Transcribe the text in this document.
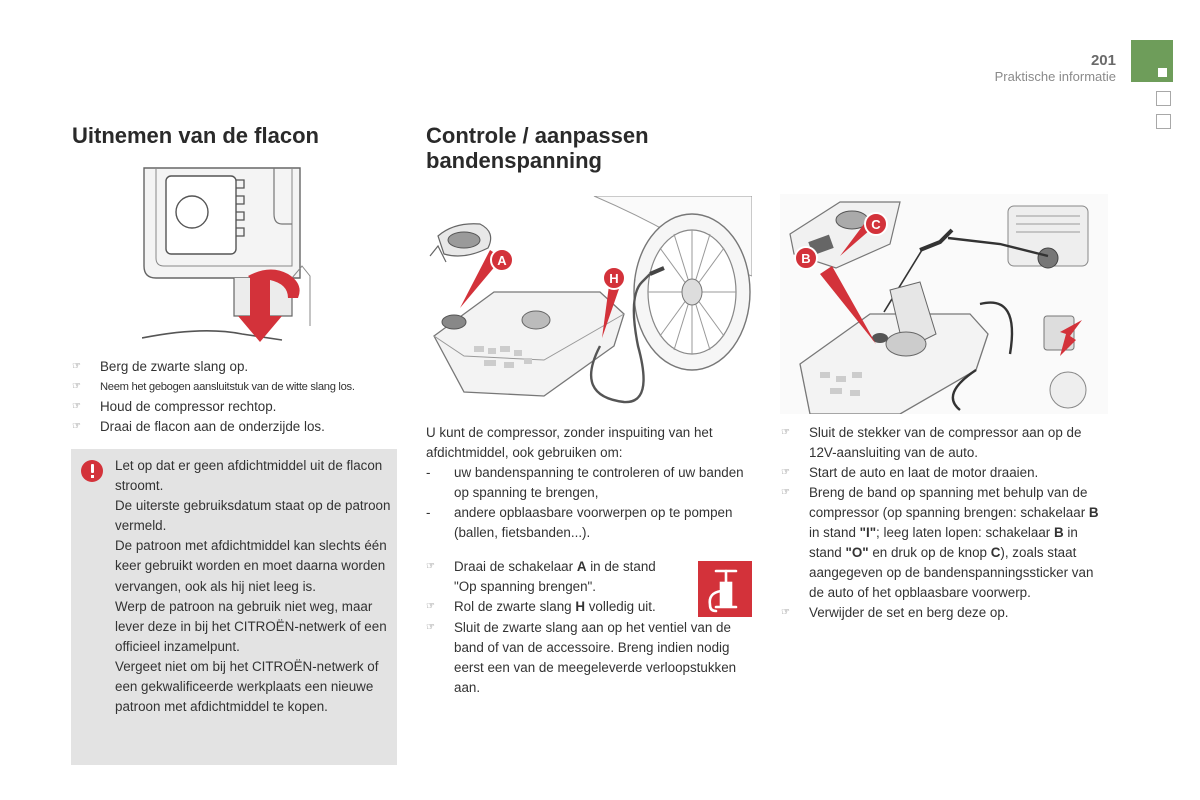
201
Praktische informatie
Uitnemen van de flacon
☞ Berg de zwarte slang op.
☞ Neem het gebogen aansluitstuk van de witte slang los.
☞ Houd de compressor rechtop.
☞ Draai de flacon aan de onderzijde los.

Let op dat er geen afdichtmiddel uit de flacon stroomt.

De uiterste gebruiksdatum staat op de patroon vermeld.

De patroon met afdichtmiddel kan slechts één keer gebruikt worden en moet daarna worden vervangen, ook als hij niet leeg is.

Werp de patroon na gebruik niet weg, maar lever deze in bij het CITROËN-netwerk of een officieel inzamelpunt.

Vergeet niet om bij het CITROËN-netwerk of een gekwalificeerde werkplaats een nieuwe patroon met afdichtmiddel te kopen.

Controle / aanpassen
bandenspanning
A
H

U kunt de compressor, zonder inspuiting van het afdichtmiddel, ook gebruiken om:

- uw bandenspanning te controleren of uw banden op spanning te brengen,
- andere opblaasbare voorwerpen op te pompen (ballen, fietsbanden...).
☞ Draai de schakelaar A in de stand "Op spanning brengen".
☞ Rol de zwarte slang H volledig uit.
☞ Sluit de zwarte slang aan op het ventiel van de band of van de accessoire. Breng indien nodig eerst een van de meegeleverde verloopstukken aan.
B
C
☞ Sluit de stekker van de compressor aan op de 12V-aansluiting van de auto.
☞ Start de auto en laat de motor draaien.
☞ Breng de band op spanning met behulp van de compressor (op spanning brengen: schakelaar B in stand "I"; leeg laten lopen: schakelaar B in stand "O" en druk op de knop C), zoals staat aangegeven op de bandenspanningssticker van de auto of het opblaasbare voorwerp.
☞ Verwijder de set en berg deze op.
